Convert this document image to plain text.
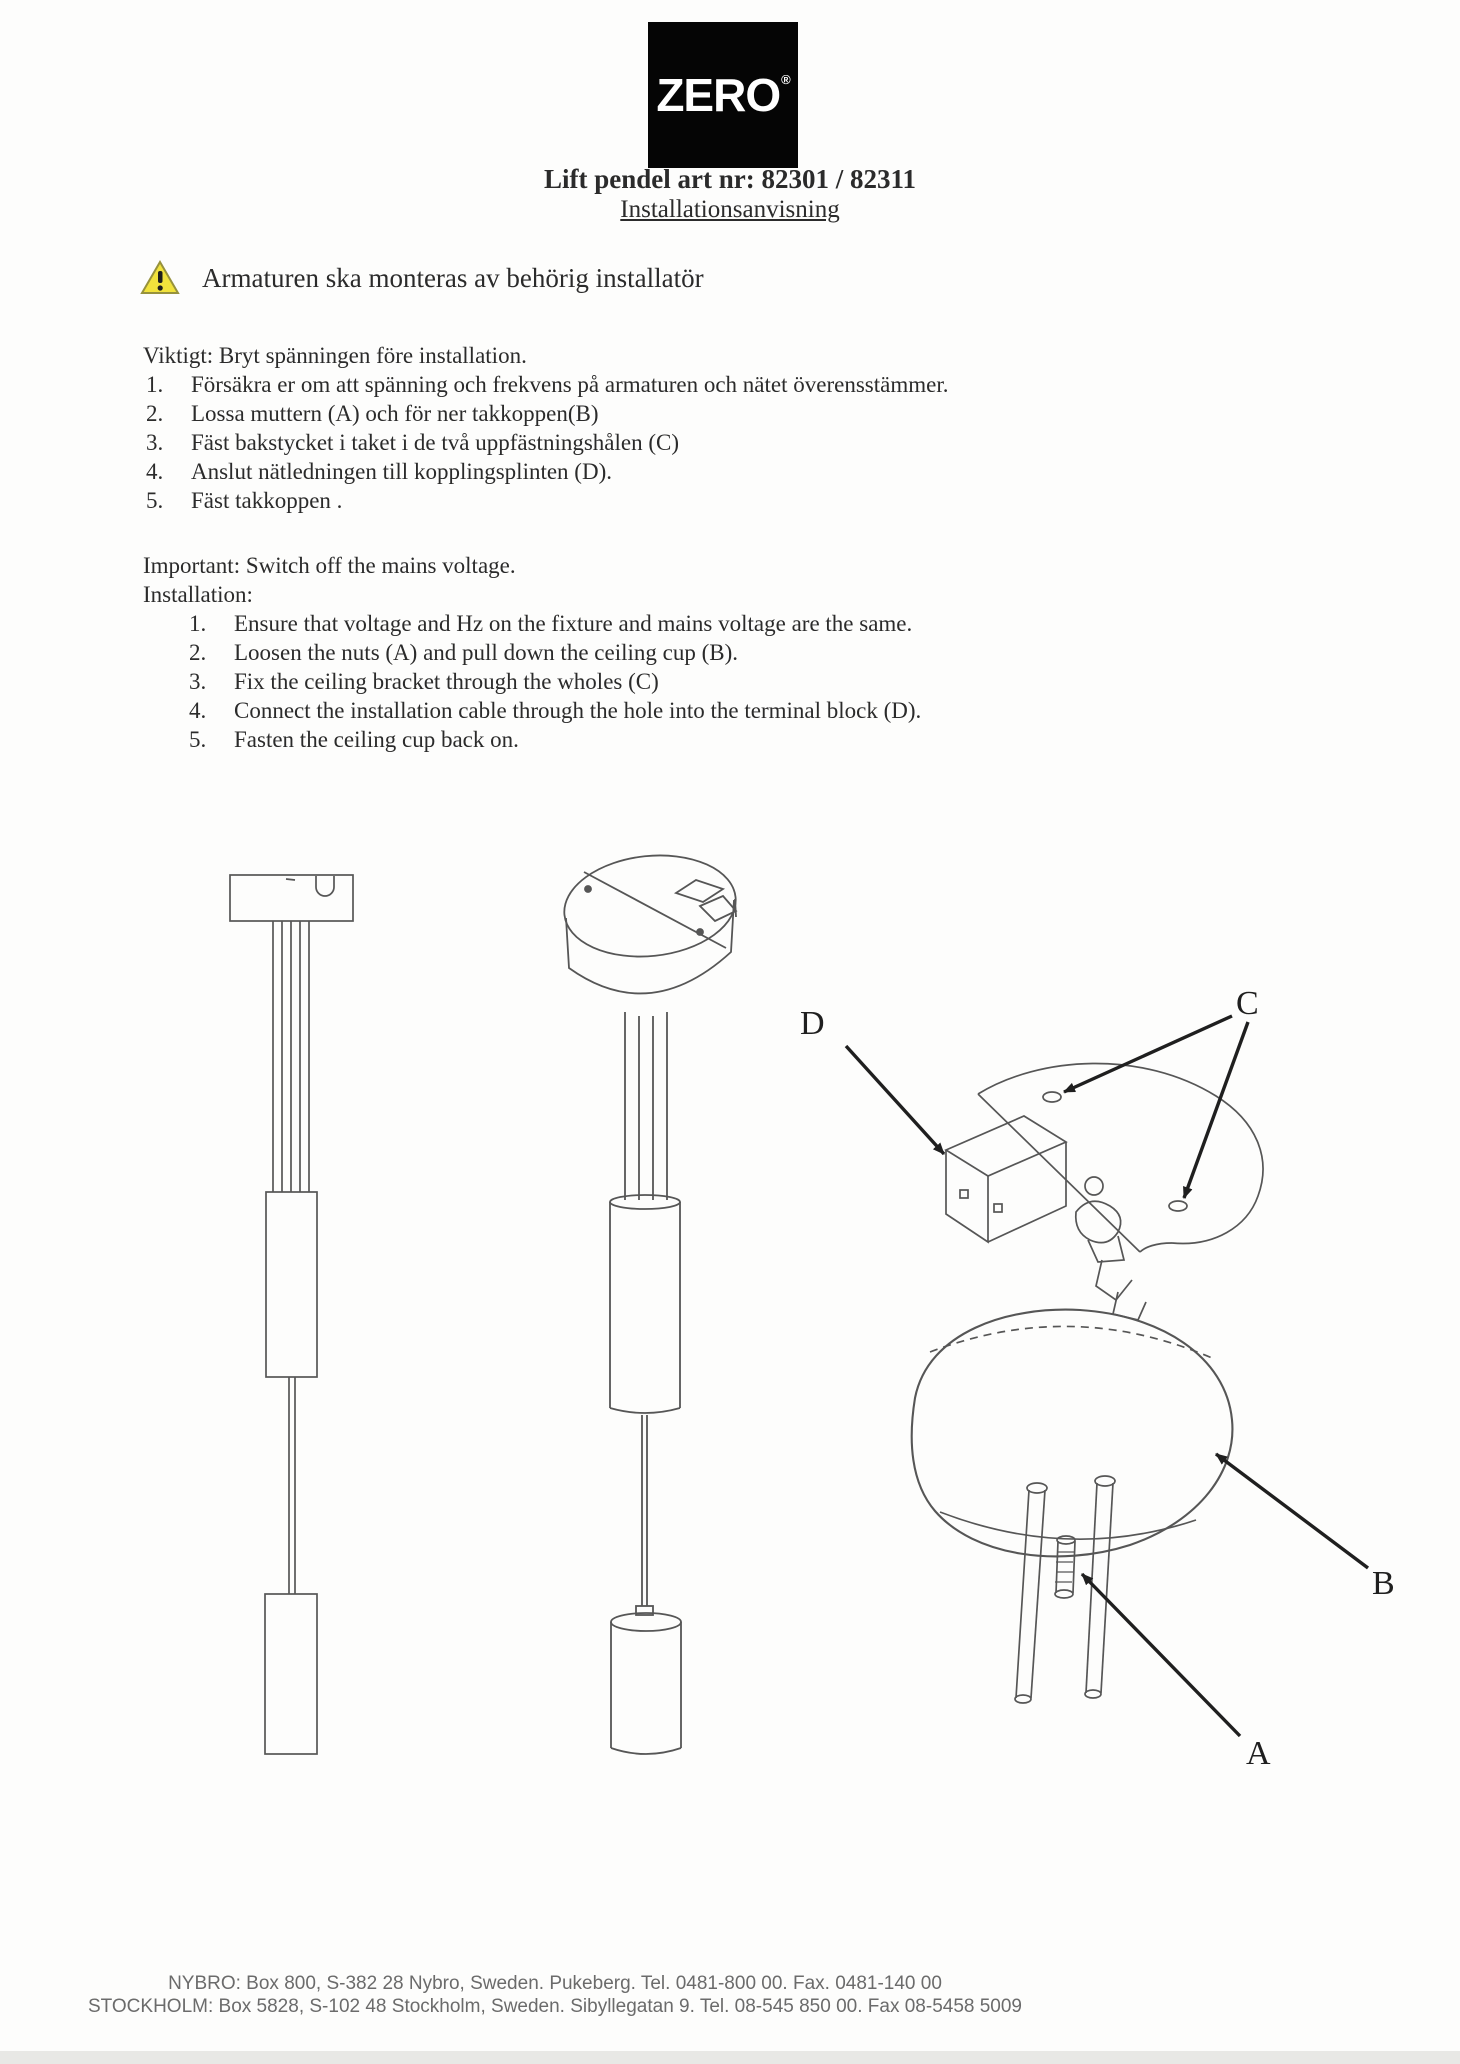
ZERO ®
Lift pendel art nr: 82301 / 82311
Installationsanvisning
Armaturen ska monteras av behörig installatör
Viktigt: Bryt spänningen före installation.
1.	Försäkra er om att spänning och frekvens på armaturen och nätet överensstämmer.
2.	Lossa muttern (A) och för ner takkoppen(B)
3.	Fäst bakstycket i taket i de två uppfästningshålen (C)
4.	Anslut nätledningen till kopplingsplinten (D).
5.	Fäst takkoppen .
Important: Switch off the mains voltage.
Installation:
1.	Ensure that voltage and Hz on the fixture and mains voltage are the same.
2.	Loosen the nuts (A) and pull down the ceiling cup (B).
3.	Fix the ceiling bracket through the wholes (C)
4.	Connect the installation cable through the hole into the terminal block (D).
5.	Fasten the ceiling cup back on.
D
C
B
A
NYBRO: Box 800, S-382 28 Nybro, Sweden. Pukeberg. Tel. 0481-800 00. Fax. 0481-140 00
STOCKHOLM: Box 5828, S-102 48 Stockholm, Sweden. Sibyllegatan 9. Tel. 08-545 850 00. Fax 08-5458 5009
